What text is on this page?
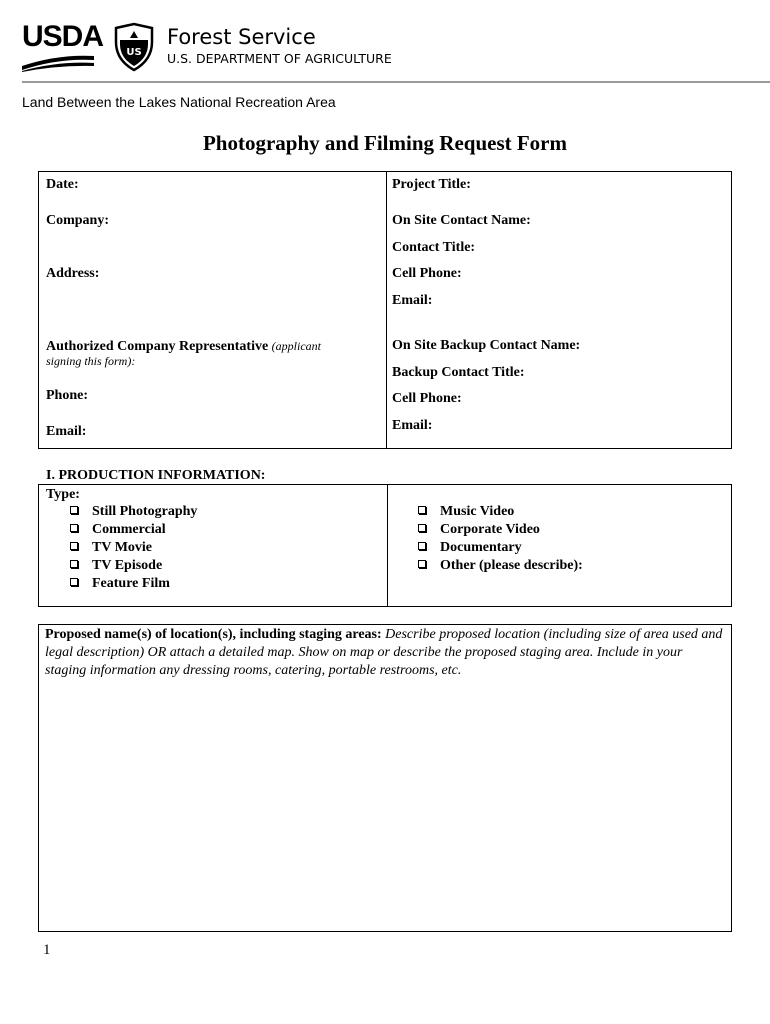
USDA US
Forest Service
U.S. DEPARTMENT OF AGRICULTURE
Land Between the Lakes National Recreation Area
Photography and Filming Request Form
Date:
Company:
Address:
Authorized Company Representative (applicant
signing this form):
Phone:
Email:
Project Title:
On Site Contact Name:
Contact Title:
Cell Phone:
Email:
On Site Backup Contact Name:
Backup Contact Title:
Cell Phone:
Email:
I. PRODUCTION INFORMATION:
Type:
Still Photography
Commercial
TV Movie
TV Episode
Feature Film
Music Video
Corporate Video
Documentary
Other (please describe):
Proposed name(s) of location(s), including staging areas: Describe proposed location (including size of area used and legal description) OR attach a detailed map. Show on map or describe the proposed staging area. Include in your staging information any dressing rooms, catering, portable restrooms, etc.
1
